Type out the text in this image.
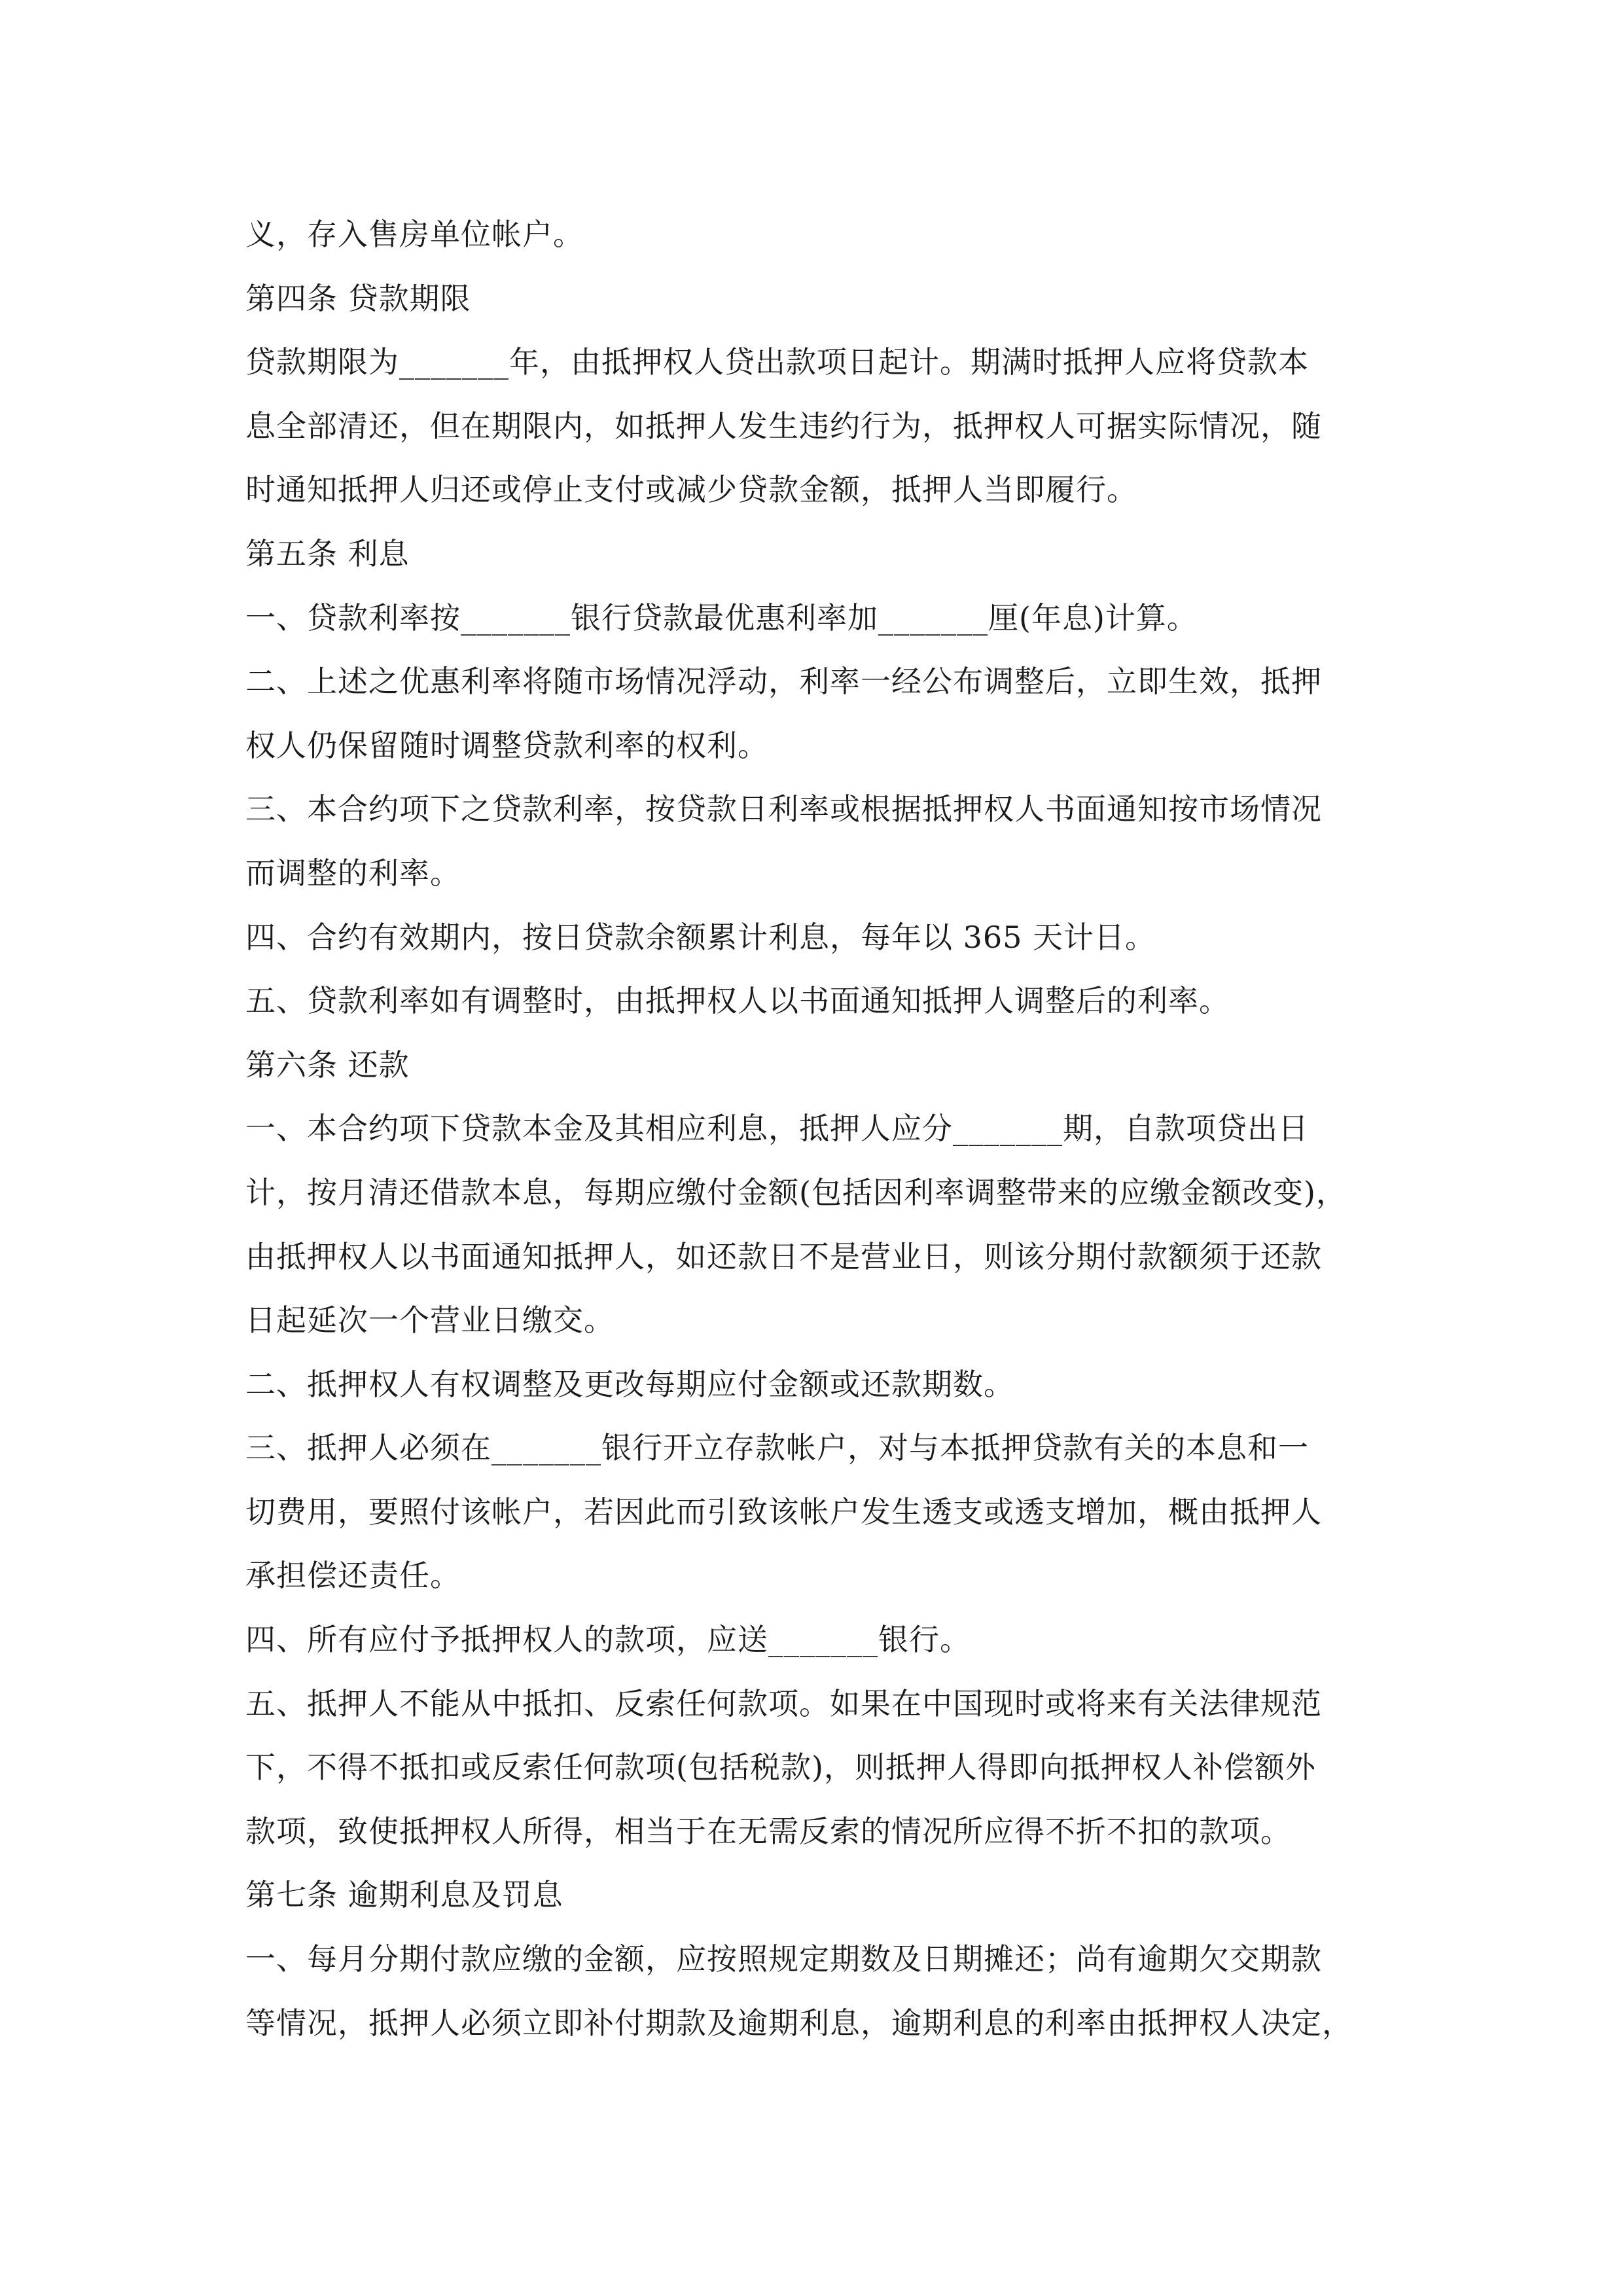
义，存入售房单位帐户。
第四条 贷款期限
贷款期限为_______年，由抵押权人贷出款项日起计。期满时抵押人应将贷款本
息全部清还，但在期限内，如抵押人发生违约行为，抵押权人可据实际情况，随
时通知抵押人归还或停止支付或减少贷款金额，抵押人当即履行。
第五条 利息
一、贷款利率按_______银行贷款最优惠利率加_______厘(年息)计算。
二、上述之优惠利率将随市场情况浮动，利率一经公布调整后，立即生效，抵押
权人仍保留随时调整贷款利率的权利。
三、本合约项下之贷款利率，按贷款日利率或根据抵押权人书面通知按市场情况
而调整的利率。
四、合约有效期内，按日贷款余额累计利息，每年以 365 天计日。
五、贷款利率如有调整时，由抵押权人以书面通知抵押人调整后的利率。
第六条 还款
一、本合约项下贷款本金及其相应利息，抵押人应分_______期，自款项贷出日
计，按月清还借款本息，每期应缴付金额(包括因利率调整带来的应缴金额改变)，
由抵押权人以书面通知抵押人，如还款日不是营业日，则该分期付款额须于还款
日起延次一个营业日缴交。
二、抵押权人有权调整及更改每期应付金额或还款期数。
三、抵押人必须在_______银行开立存款帐户，对与本抵押贷款有关的本息和一
切费用，要照付该帐户，若因此而引致该帐户发生透支或透支增加，概由抵押人
承担偿还责任。
四、所有应付予抵押权人的款项，应送_______银行。
五、抵押人不能从中抵扣、反索任何款项。如果在中国现时或将来有关法律规范
下，不得不抵扣或反索任何款项(包括税款)，则抵押人得即向抵押权人补偿额外
款项，致使抵押权人所得，相当于在无需反索的情况所应得不折不扣的款项。
第七条 逾期利息及罚息
一、每月分期付款应缴的金额，应按照规定期数及日期摊还；尚有逾期欠交期款
等情况，抵押人必须立即补付期款及逾期利息，逾期利息的利率由抵押权人决定，
